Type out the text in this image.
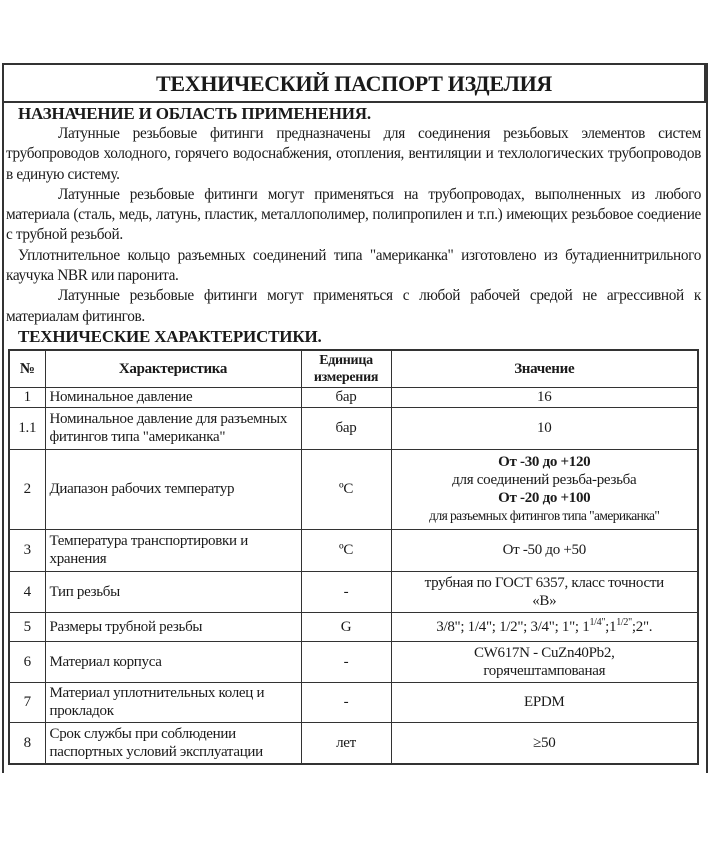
ТЕХНИЧЕСКИЙ ПАСПОРТ ИЗДЕЛИЯ
НАЗНАЧЕНИЕ И ОБЛАСТЬ ПРИМЕНЕНИЯ.

Латунные резьбовые фитинги предназначены для соединения резьбовых элементов систем трубопроводов холодного, горячего водоснабжения, отопления, вентиляции и техлологических трубопроводов в единую систему.

Латунные резьбовые фитинги могут применяться на трубопроводах, выполненных из любого материала (сталь, медь, латунь, пластик, металлополимер, полипропилен и т.п.) имеющих резьбовое соедиение с трубной резьбой.

Уплотнительное кольцо разъемных соединений типа "американка" изготовлено из бутадиеннитрильного каучука NBR или паронита.

Латунные резьбовые фитинги могут применяться с любой рабочей средой не агрессивной к материалам фитингов.

ТЕХНИЧЕСКИЕ ХАРАКТЕРИСТИКИ.
№	Характеристика	Единица измерения	Значение
1	Номинальное давление	бар	16
1.1	Номинальное давление для разъемных фитингов типа "американка"	бар	10
2	Диапазон рабочих температур	ºС	От -30 до +120
для соединений резьба-резьба
От -20 до +100
для разъемных фитингов типа "американка"

3	Температура транспортировки и хранения	ºС	От -50 до +50
4	Тип резьбы	-	трубная по ГОСТ 6357, класс точности «В»
5	Размеры трубной резьбы	G	3/8"; 1/4"; 1/2"; 3/4"; 1"; $1^{1/4"};1^{1/2"};2$".
6	Материал корпуса	-	CW617N - CuZn40Pb2,
горячештампованая

7	Материал уплотнительных колец и прокладок	-	EPDM
8	Срок службы при соблюдении паспортных условий эксплуатации	лет	≥50
